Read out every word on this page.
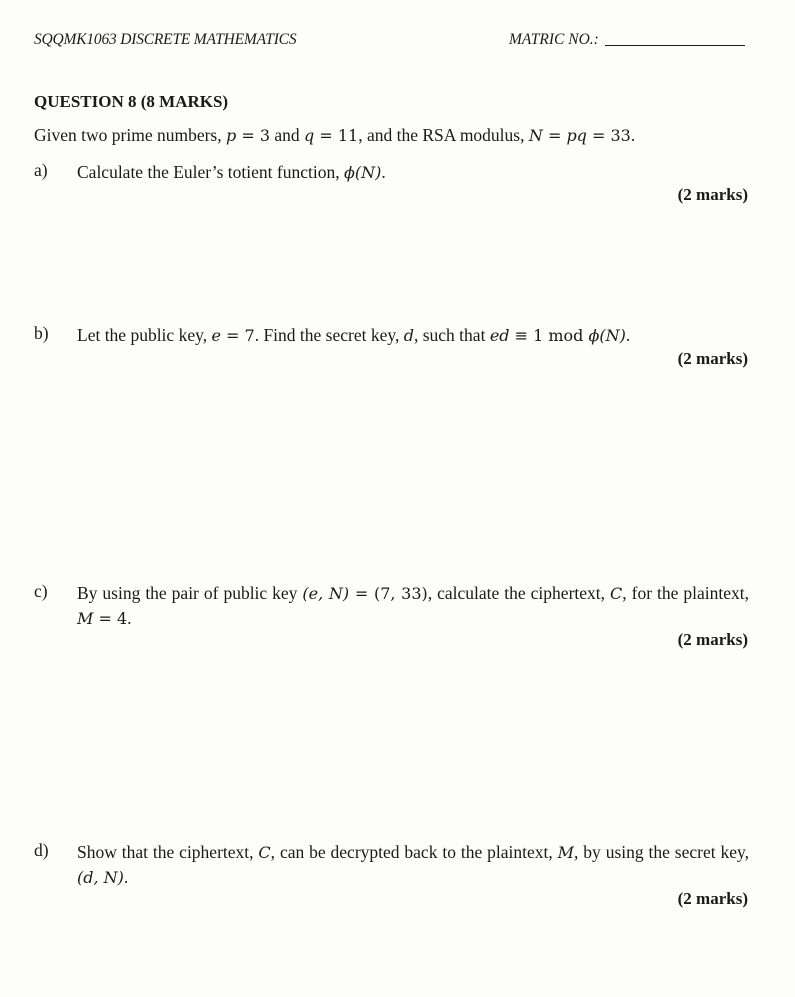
SQQMK1063 DISCRETE MATHEMATICS	MATRIC NO.:
QUESTION 8 (8 MARKS)
Given two prime numbers, p = 3 and q = 11, and the RSA modulus, N = pq = 33.
a) Calculate the Euler’s totient function, ϕ(N).
(2 marks)
b) Let the public key, e = 7. Find the secret key, d, such that ed ≡ 1 mod ϕ(N).
(2 marks)
c) By using the pair of public key (e, N) = (7, 33), calculate the ciphertext, C, for the plaintext, M = 4.
(2 marks)
d) Show that the ciphertext, C, can be decrypted back to the plaintext, M, by using the secret key, (d, N).
(2 marks)
